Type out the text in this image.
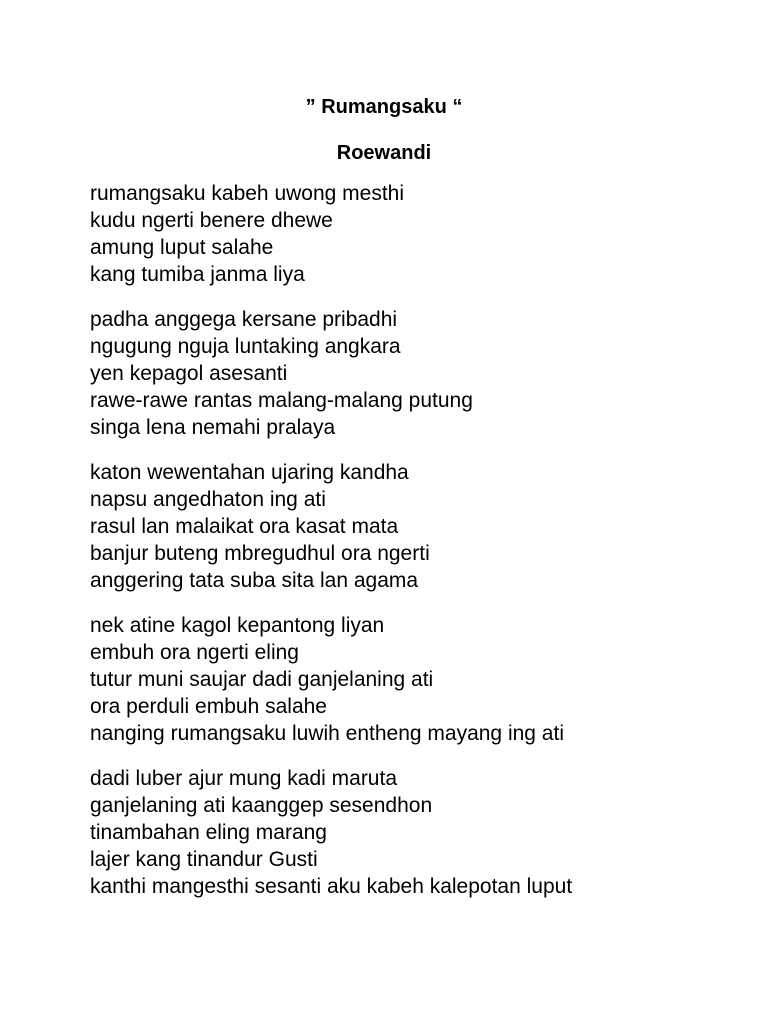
” Rumangsaku “
Roewandi
rumangsaku kabeh uwong mesthi
kudu ngerti benere dhewe
amung luput salahe
kang tumiba janma liya
padha anggega kersane pribadhi
ngugung nguja luntaking angkara
yen kepagol asesanti
rawe-rawe rantas malang-malang putung
singa lena nemahi pralaya
katon wewentahan ujaring kandha
napsu angedhaton ing ati
rasul lan malaikat ora kasat mata
banjur buteng mbregudhul ora ngerti
anggering tata suba sita lan agama
nek atine kagol kepantong liyan
embuh ora ngerti eling
tutur muni saujar dadi ganjelaning ati
ora perduli embuh salahe
nanging rumangsaku luwih entheng mayang ing ati
dadi luber ajur mung kadi maruta
ganjelaning ati kaanggep sesendhon
tinambahan eling marang
lajer kang tinandur Gusti
kanthi mangesthi sesanti aku kabeh kalepotan luput
